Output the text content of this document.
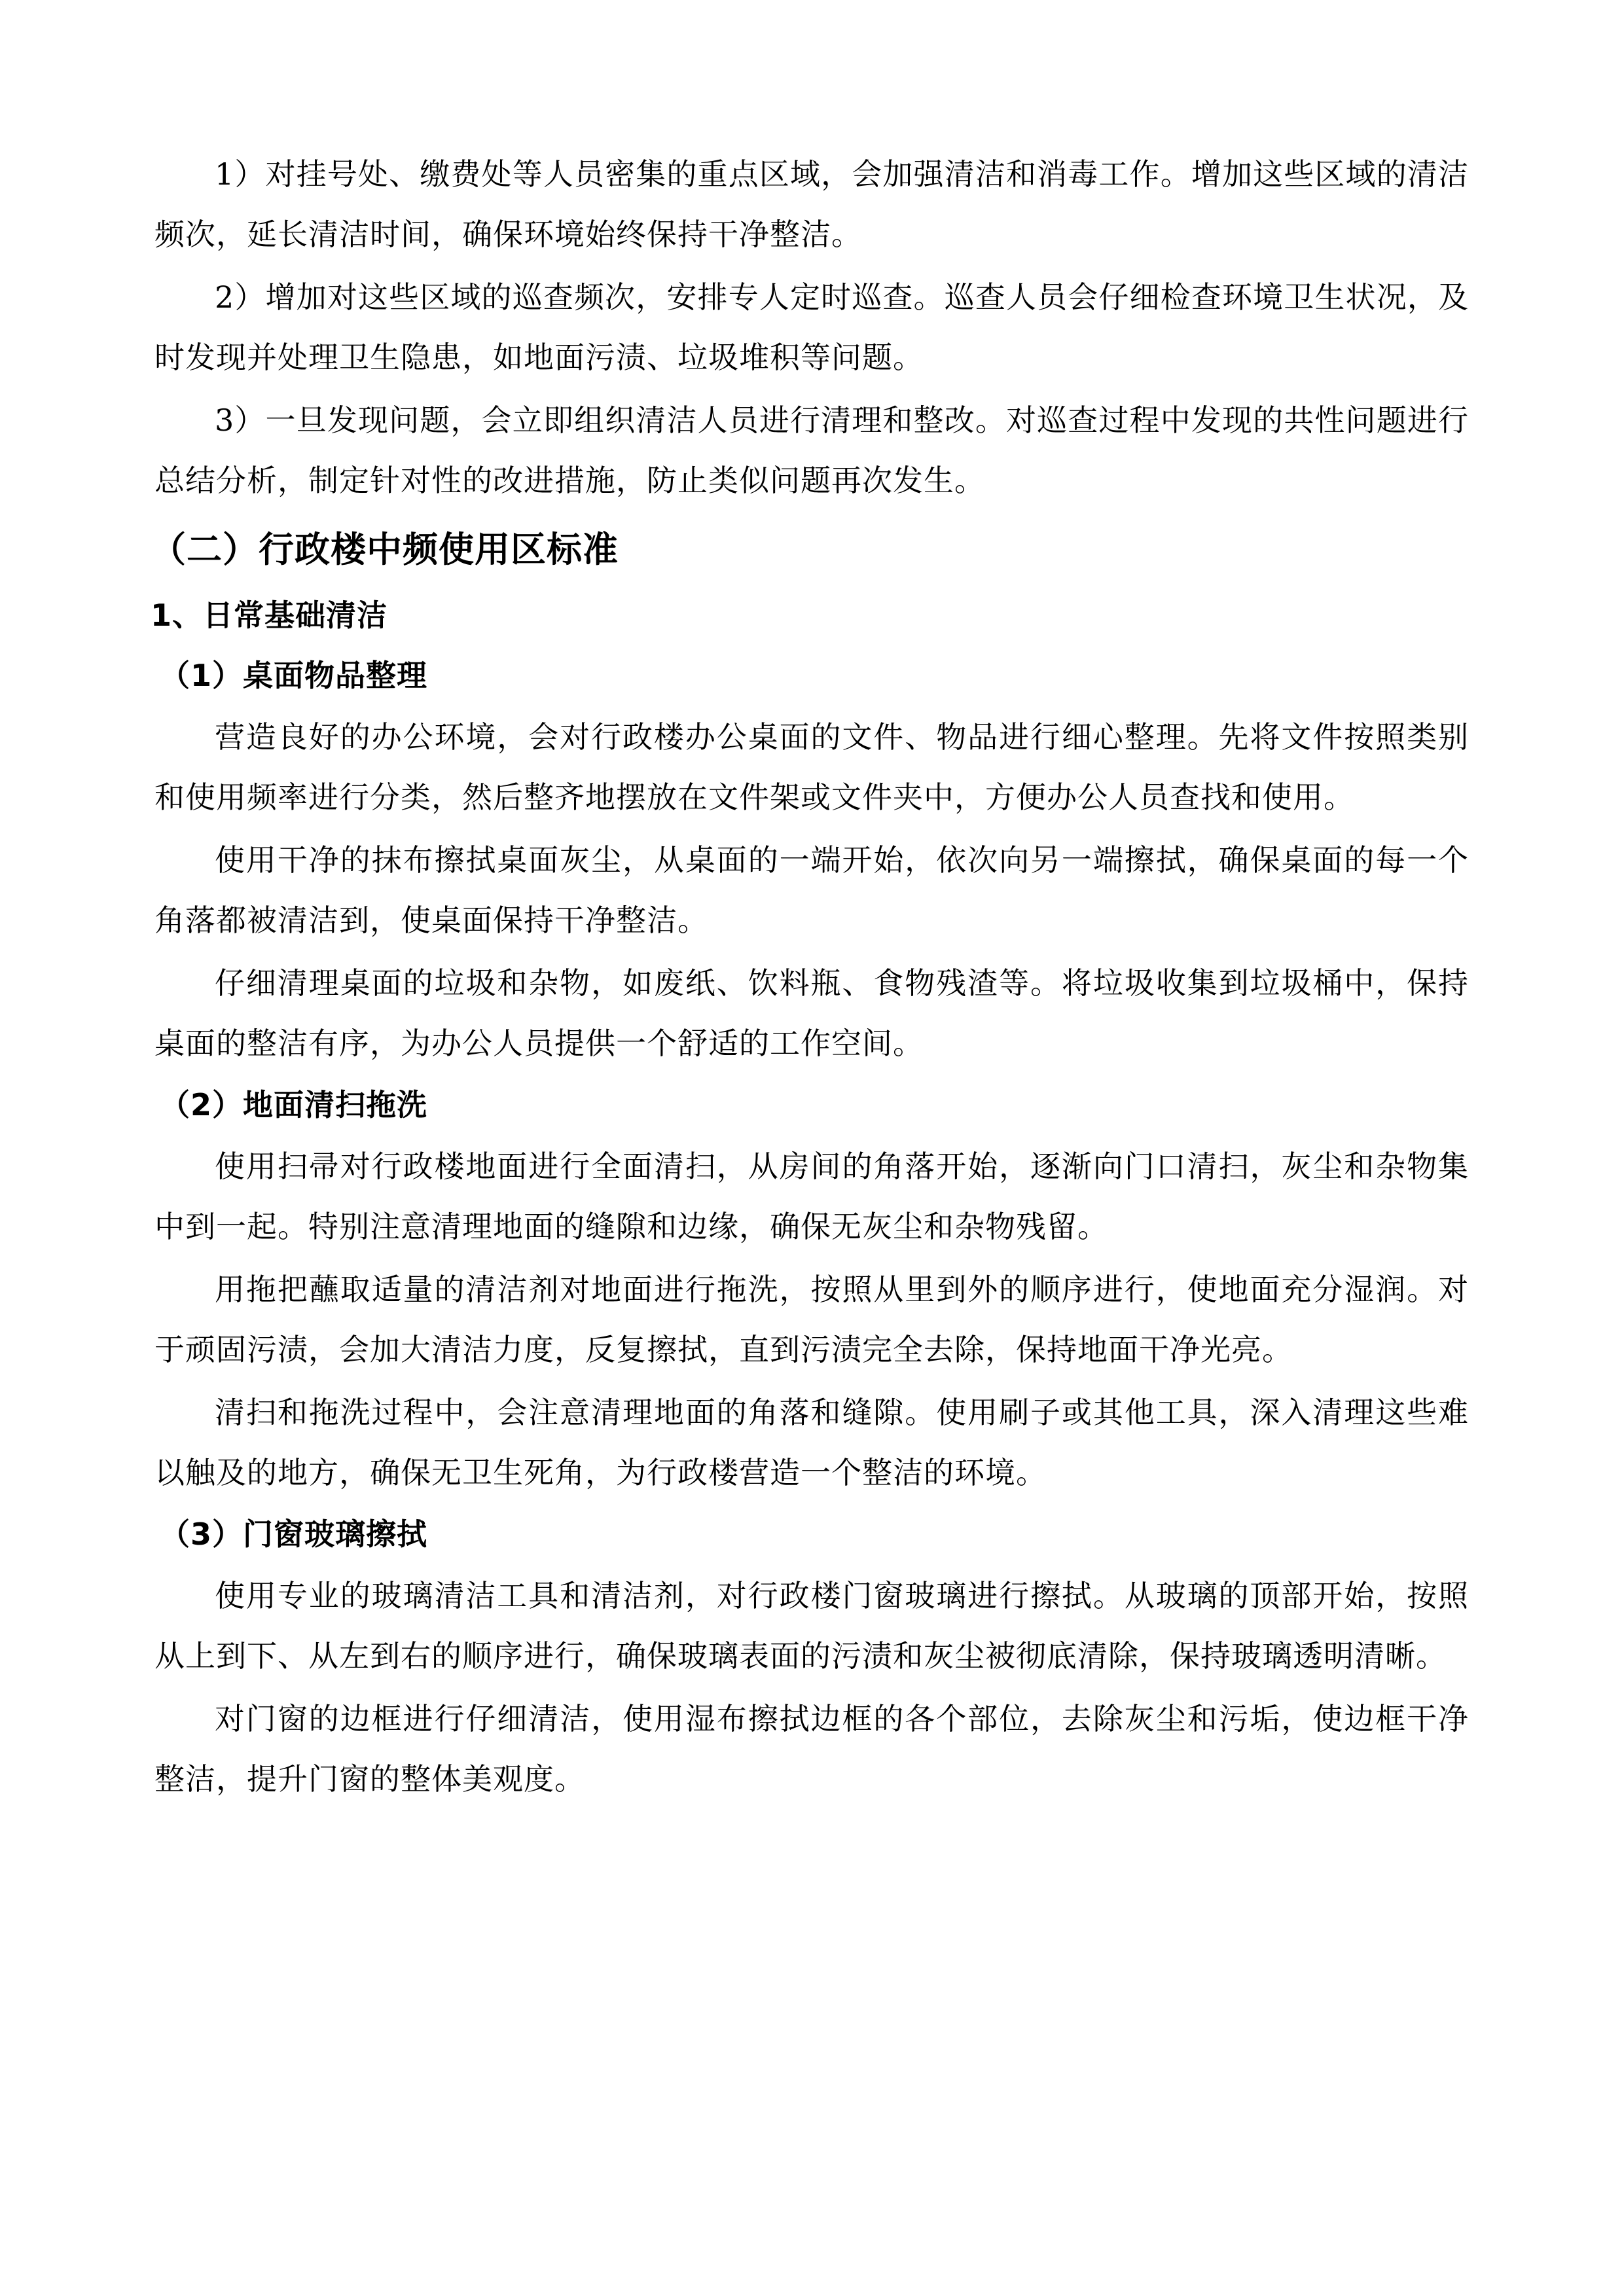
1）对挂号处、缴费处等人员密集的重点区域，会加强清洁和消毒工作。增加这些区域的清洁频次，延长清洁时间，确保环境始终保持干净整洁。

2）增加对这些区域的巡查频次，安排专人定时巡查。巡查人员会仔细检查环境卫生状况，及时发现并处理卫生隐患，如地面污渍、垃圾堆积等问题。

3）一旦发现问题，会立即组织清洁人员进行清理和整改。对巡查过程中发现的共性问题进行总结分析，制定针对性的改进措施，防止类似问题再次发生。

（二）行政楼中频使用区标准
1、日常基础清洁
（1）桌面物品整理

营造良好的办公环境，会对行政楼办公桌面的文件、物品进行细心整理。先将文件按照类别和使用频率进行分类，然后整齐地摆放在文件架或文件夹中，方便办公人员查找和使用。

使用干净的抹布擦拭桌面灰尘，从桌面的一端开始，依次向另一端擦拭，确保桌面的每一个角落都被清洁到，使桌面保持干净整洁。

仔细清理桌面的垃圾和杂物，如废纸、饮料瓶、食物残渣等。将垃圾收集到垃圾桶中，保持桌面的整洁有序，为办公人员提供一个舒适的工作空间。

（2）地面清扫拖洗

使用扫帚对行政楼地面进行全面清扫，从房间的角落开始，逐渐向门口清扫，灰尘和杂物集中到一起。特别注意清理地面的缝隙和边缘，确保无灰尘和杂物残留。

用拖把蘸取适量的清洁剂对地面进行拖洗，按照从里到外的顺序进行，使地面充分湿润。对于顽固污渍，会加大清洁力度，反复擦拭，直到污渍完全去除，保持地面干净光亮。

清扫和拖洗过程中，会注意清理地面的角落和缝隙。使用刷子或其他工具，深入清理这些难以触及的地方，确保无卫生死角，为行政楼营造一个整洁的环境。

（3）门窗玻璃擦拭

使用专业的玻璃清洁工具和清洁剂，对行政楼门窗玻璃进行擦拭。从玻璃的顶部开始，按照从上到下、从左到右的顺序进行，确保玻璃表面的污渍和灰尘被彻底清除，保持玻璃透明清晰。

对门窗的边框进行仔细清洁，使用湿布擦拭边框的各个部位，去除灰尘和污垢，使边框干净整洁，提升门窗的整体美观度。
